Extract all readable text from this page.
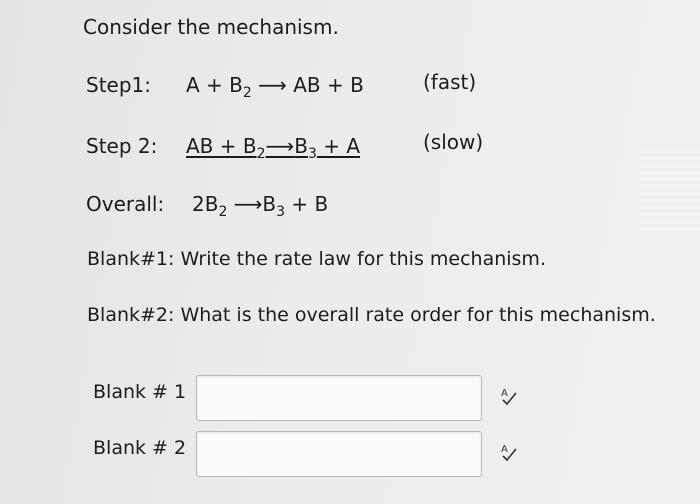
Consider the mechanism.
Step1: $A + B_2$ ⟶ AB + B	(fast)
Step 2: AB + $B_2⟶B_3 + A$	(slow)
Overall: $2B_2$ $⟶B_3 + B$
Blank#1: Write the rate law for this mechanism.
Blank#2: What is the overall rate order for this mechanism.
Blank # 1	A
Blank # 2	A
